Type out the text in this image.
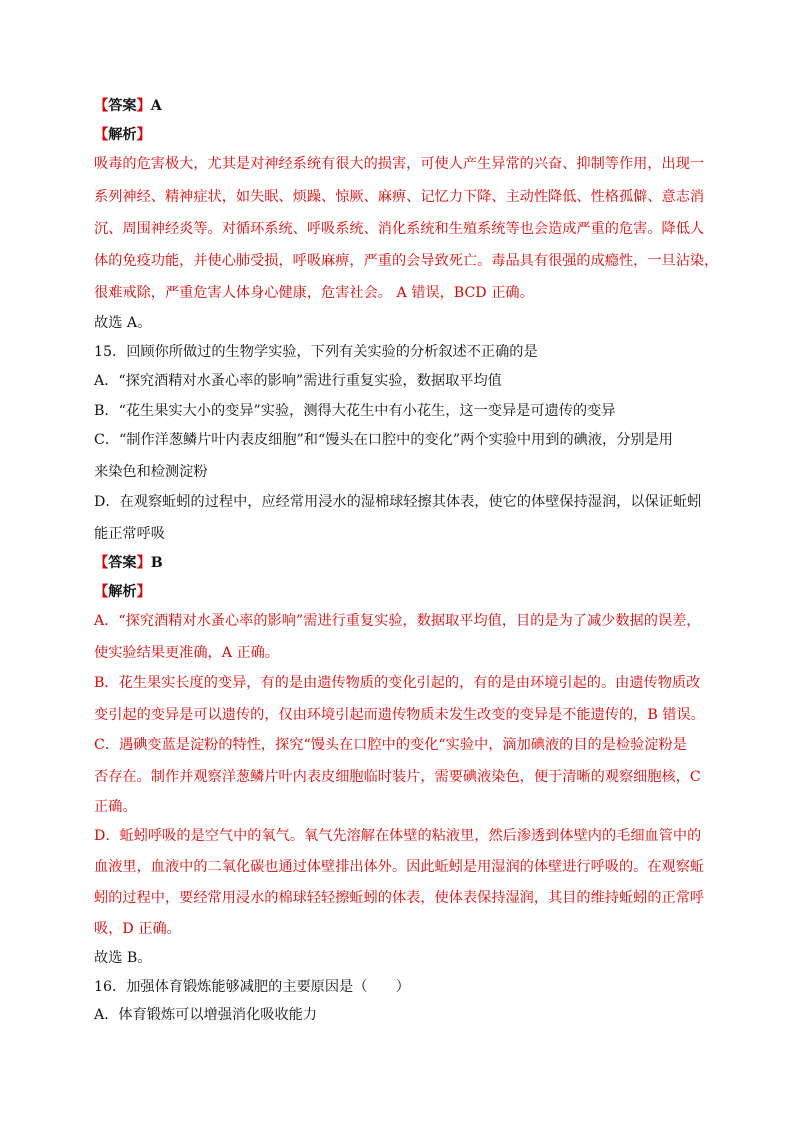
【答案】A
【解析】
吸毒的危害极大，尤其是对神经系统有很大的损害，可使人产生异常的兴奋、抑制等作用，出现一
系列神经、精神症状，如失眠、烦躁、惊厥、麻痹、记忆力下降、主动性降低、性格孤僻、意志消
沉、周围神经炎等。对循环系统、呼吸系统、消化系统和生殖系统等也会造成严重的危害。降低人
体的免疫功能，并使心肺受损，呼吸麻痹，严重的会导致死亡。毒品具有很强的成瘾性，一旦沾染，
很难戒除，严重危害人体身心健康，危害社会。 A 错误，BCD 正确。
故选 A。
15．回顾你所做过的生物学实验，下列有关实验的分析叙述不正确的是
A．“探究酒精对水蚤心率的影响”需进行重复实验，数据取平均值
B．“花生果实大小的变异”实验，测得大花生中有小花生，这一变异是可遗传的变异
C．“制作洋葱鳞片叶内表皮细胞”和“馒头在口腔中的变化”两个实验中用到的碘液，分别是用
来染色和检测淀粉
D．在观察蚯蚓的过程中，应经常用浸水的湿棉球轻擦其体表，使它的体壁保持湿润，以保证蚯蚓
能正常呼吸
【答案】B
【解析】
A．“探究酒精对水蚤心率的影响”需进行重复实验，数据取平均值，目的是为了减少数据的误差，
使实验结果更准确，A 正确。
B．花生果实长度的变异，有的是由遗传物质的变化引起的，有的是由环境引起的。由遗传物质改
变引起的变异是可以遗传的，仅由环境引起而遗传物质未发生改变的变异是不能遗传的，B 错误。
C．遇碘变蓝是淀粉的特性，探究“馒头在口腔中的变化“实验中，滴加碘液的目的是检验淀粉是
否存在。制作并观察洋葱鳞片叶内表皮细胞临时装片，需要碘液染色，便于清晰的观察细胞核，C
正确。
D．蚯蚓呼吸的是空气中的氧气。氧气先溶解在体壁的粘液里，然后渗透到体壁内的毛细血管中的
血液里，血液中的二氧化碳也通过体壁排出体外。因此蚯蚓是用湿润的体壁进行呼吸的。在观察蚯
蚓的过程中，要经常用浸水的棉球轻轻擦蚯蚓的体表，使体表保持湿润，其目的维持蚯蚓的正常呼
吸，D 正确。
故选 B。
16．加强体育锻炼能够减肥的主要原因是（　　）
A．体育锻炼可以增强消化吸收能力
